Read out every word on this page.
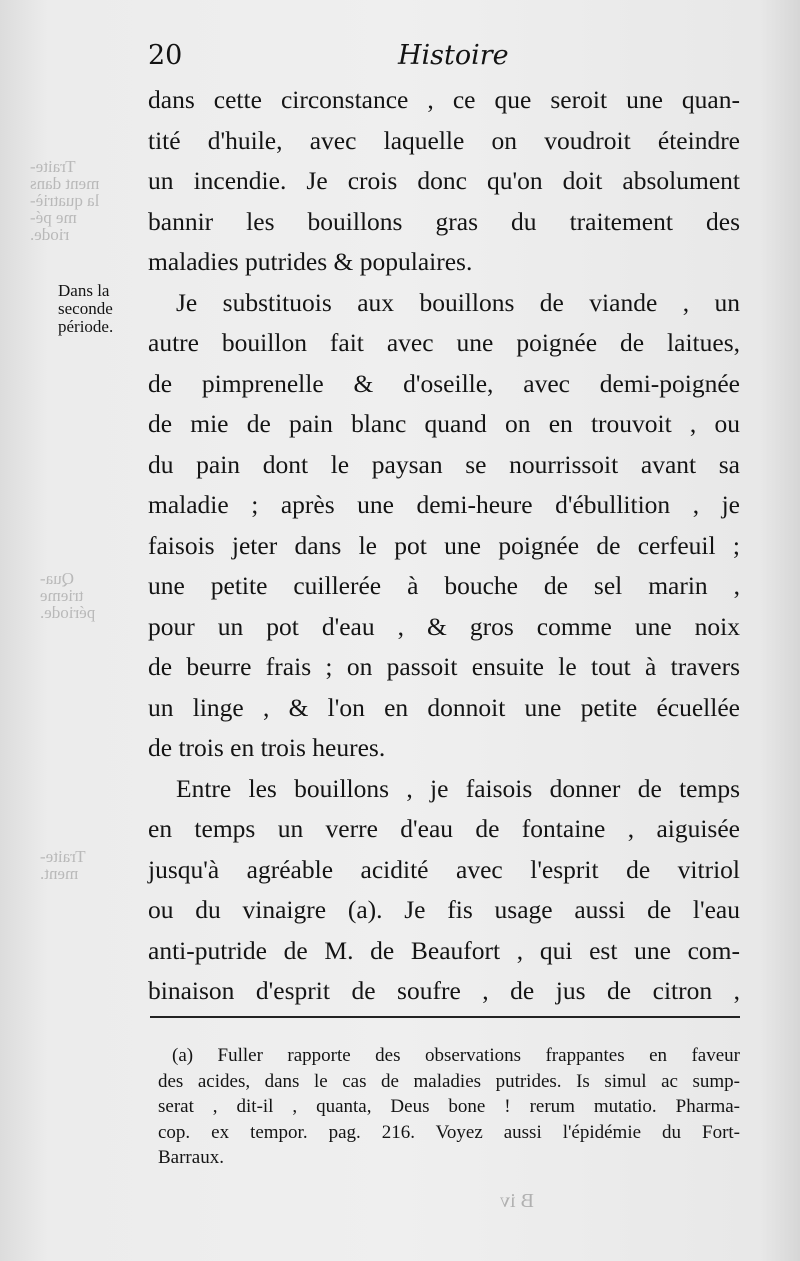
Traite-
ment dans
la quatriè-
me pé-
riode.
Qua-
trieme
période.
Traite-
ment.
B iv
20	Histoire
Dans la
seconde
période.
dans cette circonstance , ce que seroit une quan-
tité d'huile, avec laquelle on voudroit éteindre
un incendie. Je crois donc qu'on doit absolument
bannir les bouillons gras du traitement des
maladies putrides & populaires.
Je substituois aux bouillons de viande , un
autre bouillon fait avec une poignée de laitues,
de pimprenelle & d'oseille, avec demi-poignée
de mie de pain blanc quand on en trouvoit , ou
du pain dont le paysan se nourrissoit avant sa
maladie ; après une demi-heure d'ébullition , je
faisois jeter dans le pot une poignée de cerfeuil ;
une petite cuillerée à bouche de sel marin ,
pour un pot d'eau , & gros comme une noix
de beurre frais ; on passoit ensuite le tout à travers
un linge , & l'on en donnoit une petite écuellée
de trois en trois heures.
Entre les bouillons , je faisois donner de temps
en temps un verre d'eau de fontaine , aiguisée
jusqu'à agréable acidité avec l'esprit de vitriol
ou du vinaigre (a). Je fis usage aussi de l'eau
anti-putride de M. de Beaufort , qui est une com-
binaison d'esprit de soufre , de jus de citron ,
(a) Fuller rapporte des observations frappantes en faveur
des acides, dans le cas de maladies putrides. Is simul ac sump-
serat , dit-il , quanta, Deus bone ! rerum mutatio. Pharma-
cop. ex tempor. pag. 216. Voyez aussi l'épidémie du Fort-
Barraux.
